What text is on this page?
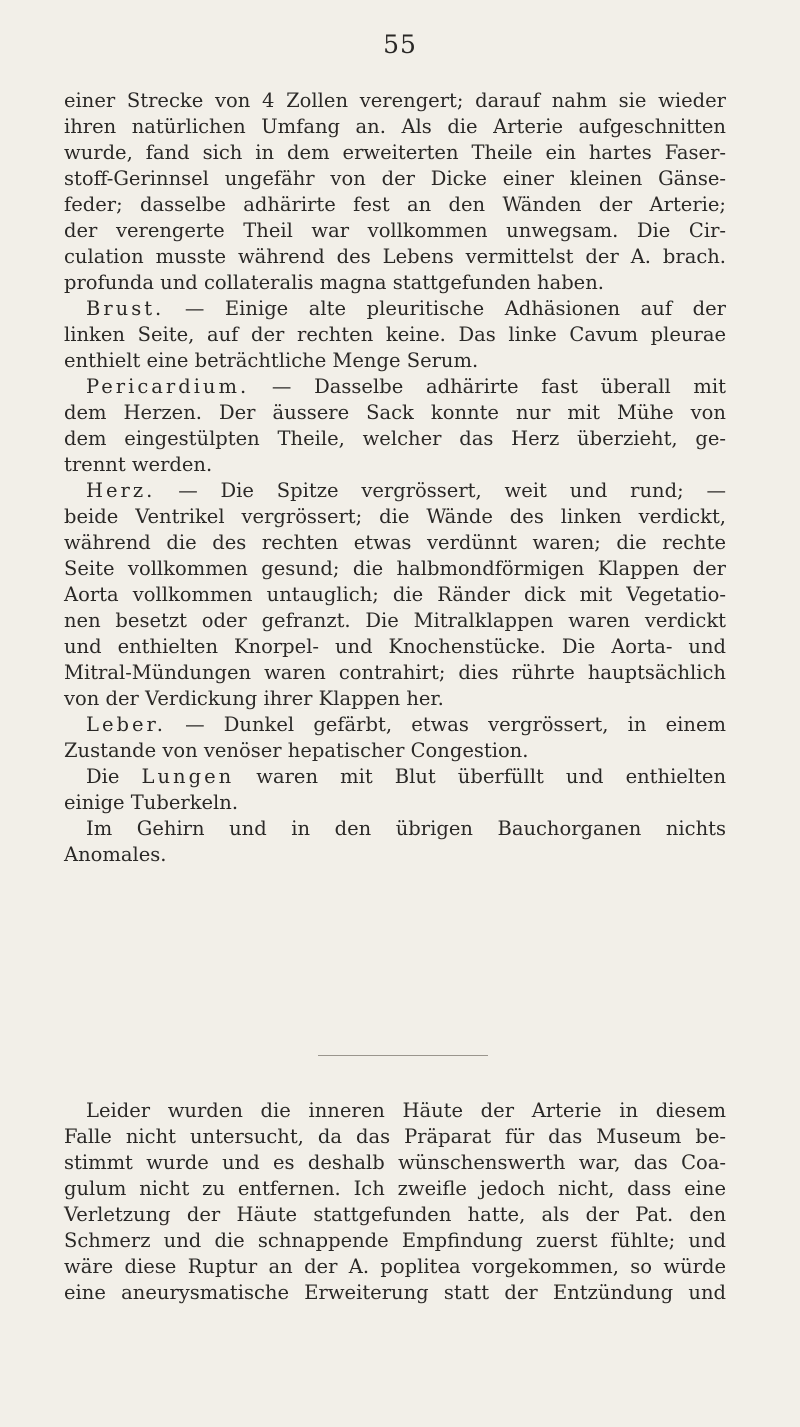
55
einer Strecke von 4 Zollen verengert; darauf nahm sie wieder
ihren natürlichen Umfang an. Als die Arterie aufgeschnitten
wurde, fand sich in dem erweiterten Theile ein hartes Faser-
stoff-Gerinnsel ungefähr von der Dicke einer kleinen Gänse-
feder; dasselbe adhärirte fest an den Wänden der Arterie;
der verengerte Theil war vollkommen unwegsam. Die Cir-
culation musste während des Lebens vermittelst der A. brach.
profunda und collateralis magna stattgefunden haben.
Brust. — Einige alte pleuritische Adhäsionen auf der
linken Seite, auf der rechten keine. Das linke Cavum pleurae
enthielt eine beträchtliche Menge Serum.
Pericardium. — Dasselbe adhärirte fast überall mit
dem Herzen. Der äussere Sack konnte nur mit Mühe von
dem eingestülpten Theile, welcher das Herz überzieht, ge-
trennt werden.
Herz. — Die Spitze vergrössert, weit und rund; —
beide Ventrikel vergrössert; die Wände des linken verdickt,
während die des rechten etwas verdünnt waren; die rechte
Seite vollkommen gesund; die halbmondförmigen Klappen der
Aorta vollkommen untauglich; die Ränder dick mit Vegetatio-
nen besetzt oder gefranzt. Die Mitralklappen waren verdickt
und enthielten Knorpel- und Knochenstücke. Die Aorta- und
Mitral-Mündungen waren contrahirt; dies rührte hauptsächlich
von der Verdickung ihrer Klappen her.
Leber. — Dunkel gefärbt, etwas vergrössert, in einem
Zustande von venöser hepatischer Congestion.
Die Lungen waren mit Blut überfüllt und enthielten
einige Tuberkeln.
Im Gehirn und in den übrigen Bauchorganen nichts
Anomales.
Leider wurden die inneren Häute der Arterie in diesem
Falle nicht untersucht, da das Präparat für das Museum be-
stimmt wurde und es deshalb wünschenswerth war, das Coa-
gulum nicht zu entfernen. Ich zweifle jedoch nicht, dass eine
Verletzung der Häute stattgefunden hatte, als der Pat. den
Schmerz und die schnappende Empfindung zuerst fühlte; und
wäre diese Ruptur an der A. poplitea vorgekommen, so würde
eine aneurysmatische Erweiterung statt der Entzündung und
